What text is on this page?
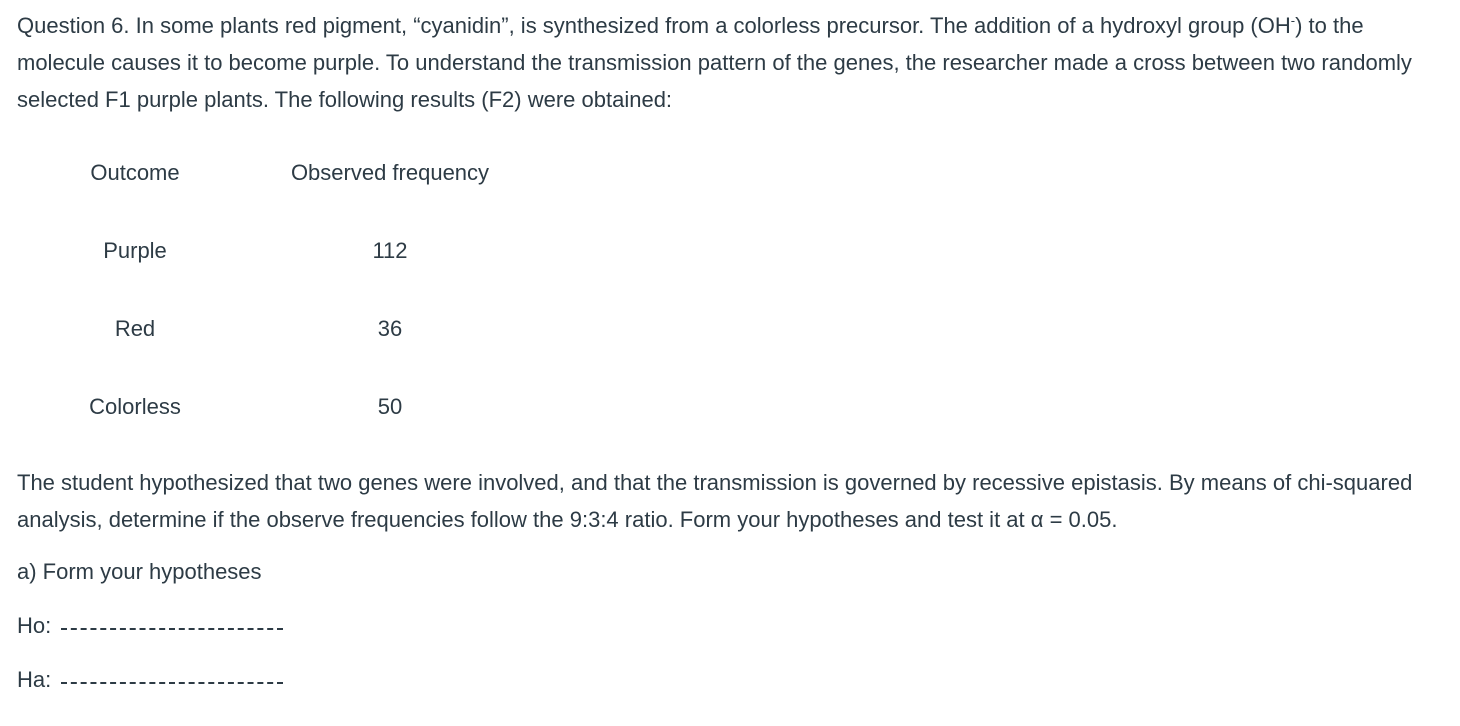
Question 6. In some plants red pigment, “cyanidin”, is synthesized from a colorless precursor. The addition of a hydroxyl group (OH-) to the molecule causes it to become purple. To understand the transmission pattern of the genes, the researcher made a cross between two randomly selected F1 purple plants. The following results (F2) were obtained:

Outcome	Observed frequency
Purple	112
Red	36
Colorless	50

The student hypothesized that two genes were involved, and that the transmission is governed by recessive epistasis. By means of chi-squared analysis, determine if the observe frequencies follow the 9:3:4 ratio. Form your hypotheses and test it at α = 0.05.

a) Form your hypotheses
Ho:
Ha:
